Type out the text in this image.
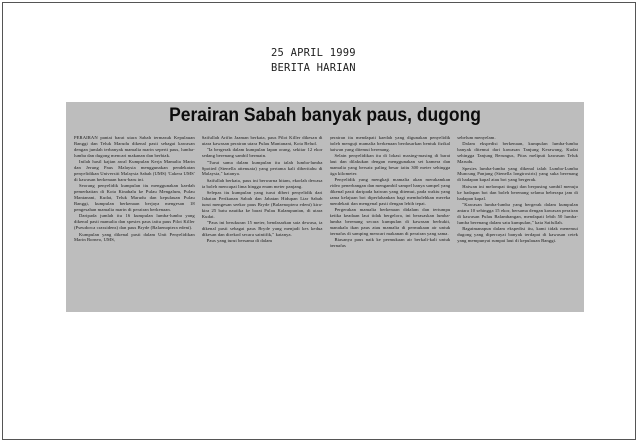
25 APRIL 1999
BERITA HARIAN
Perairan Sabah banyak paus, dugong

PERAIRAN pantai barat utara Sabah termasuk Kepulauan Banggi dan Teluk Marudu dikenal pasti sebagai kawasan dengan jumlah terbanyak mamalia marin seperti paus, lumba-lumba dan dugong mencari makanan dan berbiak.

Inilah hasil kajian awal Kumpulan Kerja Mamalia Marin dan Jerung Paus Malaysia menggunakan pendekatan penyelidikan Universiti Malaysia Sabah (UMS) 'Cakera UMS' di kawasan berkenaan baru-baru ini.

Seorang penyelidik kumpulan itu menggunakan kaedah pemerhatian di Kota Kinabalu ke Pulau Mengalum, Pulau Mantanani, Kudat, Teluk Marudu dan kepulauan Pulau Banggi, kumpulan berkenaan berjaya mengesan 18 pengesahan mamalia marin di perairan berkenaan.

Daripada jumlah itu 16 kumpulan lumba-lumba yang dikenal pasti mamalia dan spesies paus iaitu paus Pilot Killer (Pseudorca crassidens) dan paus Bryde (Balaenoptera edeni).

Kumpulan yang dikenal pasti dalam Unit Penyelidikan Marin Borneo, UMS,

Saifullah Arifin Jaaman berkata, paus Pilot Killer dikesan di utara kawasan perairan utara Pulau Mantanani, Kota Belud.

"Ia bergerak dalam kumpulan lapan orang, sekitar 12 ekor sedang berenang sambil bermain.

"Turut sama dalam kumpulan itu ialah lumba-lumba Spotted (Stenella attenuata) yang pertama kali diberitahu di Malaysia," katanya.

Saifullah berkata, paus ini berwarna hitam, ekorlah dewasa ia boleh mencapai lima hingga enam meter panjang.

Selepas itu kumpulan yang turut diberi penyelidik dari Jabatan Perikanan Sabah dan Jabatan Hidupan Liar Sabah turut mengesan seekor paus Bryde (Balaenoptera edeni) kira-kira 25 batu nautika ke barat Pulau Kalampunian, di utara Kudat.

"Paus ini berukuran 15 meter, bendasarkan saiz dewasa, ia dikenal pasti sebagai paus Bryde yang menjadi kes kedua dikesan dan direkod secara saintifik," katanya.

Paus yang turut bersama di dalam

perairan itu mendapati kaedah yang digunakan penyelidik boleh menguji mamalia berkenaan berdasarkan bentuk fizikal haiwan yang ditemui berenang.

Selain penyelidikan itu di lokasi masing-masing di barat laut dan dilakukan dengan menggunakan set kamera dan mamalia yang bersaiz paling besar iaitu 300 meter sehingga tiga kilometer.

Penyelidik yang mengkaji mamalia akan merakamkan video penerbangan dan mengambil sampel hanya sampel yang dikenal pasti daripada haiwan yang ditemui, pada waktu yang sama kelajuan bot diperlahankan bagi membolehkan mereka mendekati dan mengenal pasti dengan lebih tepat.

Pergerakan mamalia berkenaan didalam dan tertumpu ketika keadaan laut tidak bergelora, ini berasaskan lumba-lumba berenang secara kumpulan di kawasan berbukit, manakala ikan paus atau mamalia di permukaan air untuk bernafas di samping mencari makanan di perairan yang sama.

Biasanya paus naik ke permukaan air berkali-kali untuk bernafas

sebelum menyelam.

Dalam ekspedisi berkenaan, kumpulan lumba-lumba banyak ditemui dari kawasan Tanjung Kerawang, Kudat sehingga Tanjung Berungus, Pitas meliputi kawasan Teluk Marudu.

Spesies lumba-lumba yang dikenal ialah Lumba-Lumba Muncung Panjang (Stenella longirostris) yang suka berenang di hadapan kapal atau bot yang bergerak.

Haiwan ini melompat tinggi dan berpusing sambil menuju ke hadapan bot dan boleh berenang selama beberapa jam di hadapan kapal.

"Kawasan lumba-lumba yang bergerak dalam kumpulan antara 10 sehingga 15 ekor, bersama dengan kawasan perairan di kawasan Pulau Balambangan, mendapati lebih 50 lumba-lumba berenang dalam satu kumpulan," kata Saifullah.

Bagaimanapun dalam ekspedisi itu, kami tidak menemui dugong yang dipercayai banyak terdapat di kawasan cetek yang mempunyai rumpai laut di kepulauan Banggi.
